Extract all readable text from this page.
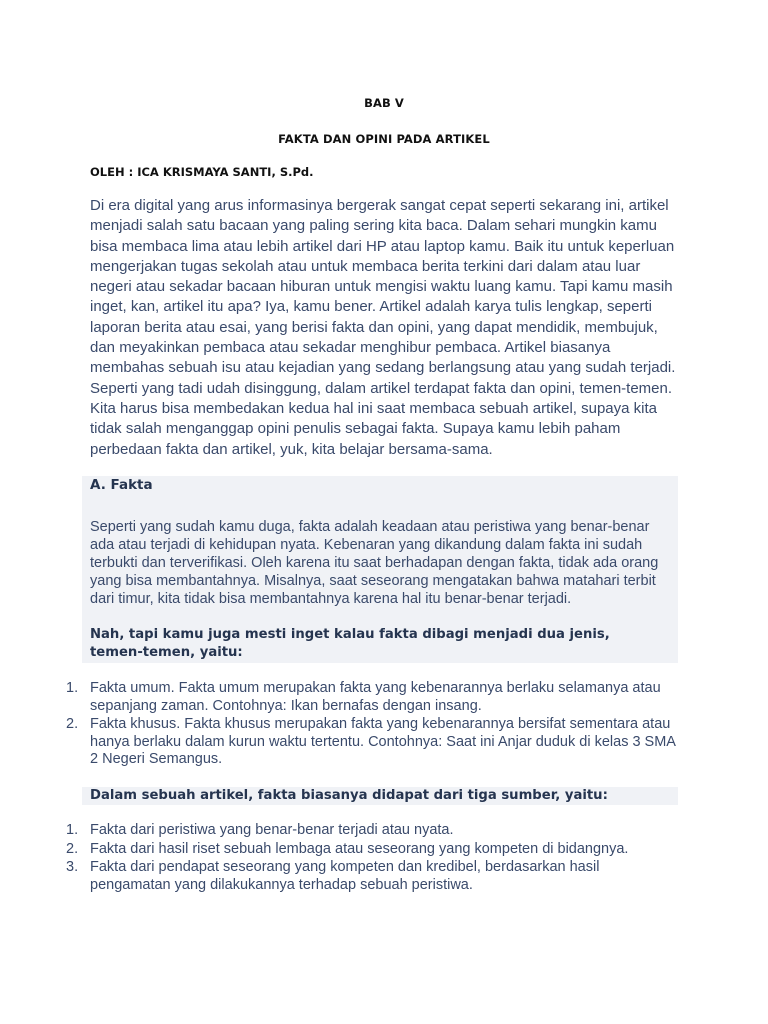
BAB V
FAKTA DAN OPINI PADA ARTIKEL
OLEH : ICA KRISMAYA SANTI, S.Pd.

Di era digital yang arus informasinya bergerak sangat cepat seperti sekarang ini, artikel menjadi salah satu bacaan yang paling sering kita baca. Dalam sehari mungkin kamu bisa membaca lima atau lebih artikel dari HP atau laptop kamu. Baik itu untuk keperluan mengerjakan tugas sekolah atau untuk membaca berita terkini dari dalam atau luar negeri atau sekadar bacaan hiburan untuk mengisi waktu luang kamu. Tapi kamu masih inget, kan, artikel itu apa? Iya, kamu bener. Artikel adalah karya tulis lengkap, seperti laporan berita atau esai, yang berisi fakta dan opini, yang dapat mendidik, membujuk, dan meyakinkan pembaca atau sekadar menghibur pembaca. Artikel biasanya membahas sebuah isu atau kejadian yang sedang berlangsung atau yang sudah terjadi. Seperti yang tadi udah disinggung, dalam artikel terdapat fakta dan opini, temen-temen. Kita harus bisa membedakan kedua hal ini saat membaca sebuah artikel, supaya kita tidak salah menganggap opini penulis sebagai fakta. Supaya kamu lebih paham perbedaan fakta dan artikel, yuk, kita belajar bersama-sama.

A. Fakta

Seperti yang sudah kamu duga, fakta adalah keadaan atau peristiwa yang benar-benar ada atau terjadi di kehidupan nyata. Kebenaran yang dikandung dalam fakta ini sudah terbukti dan terverifikasi. Oleh karena itu saat berhadapan dengan fakta, tidak ada orang yang bisa membantahnya. Misalnya, saat seseorang mengatakan bahwa matahari terbit dari timur, kita tidak bisa membantahnya karena hal itu benar-benar terjadi.

Nah, tapi kamu juga mesti inget kalau fakta dibagi menjadi dua jenis, temen-temen, yaitu:

1. Fakta umum. Fakta umum merupakan fakta yang kebenarannya berlaku selamanya atau sepanjang zaman. Contohnya: Ikan bernafas dengan insang.
2. Fakta khusus. Fakta khusus merupakan fakta yang kebenarannya bersifat sementara atau hanya berlaku dalam kurun waktu tertentu. Contohnya: Saat ini Anjar duduk di kelas 3 SMA 2 Negeri Semangus.
Dalam sebuah artikel, fakta biasanya didapat dari tiga sumber, yaitu:
1. Fakta dari peristiwa yang benar-benar terjadi atau nyata.
2. Fakta dari hasil riset sebuah lembaga atau seseorang yang kompeten di bidangnya.
3. Fakta dari pendapat seseorang yang kompeten dan kredibel, berdasarkan hasil pengamatan yang dilakukannya terhadap sebuah peristiwa.
